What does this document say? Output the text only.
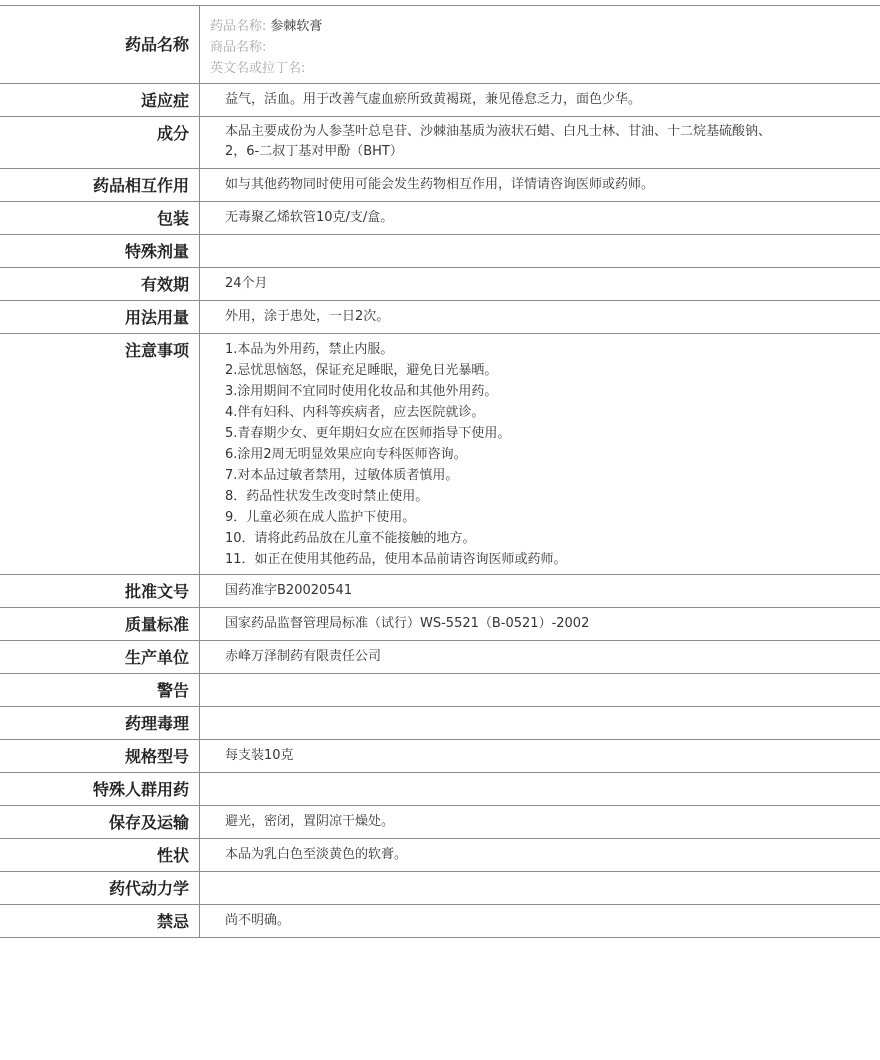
药品名称
药品名称: 参棘软膏
商品名称:
英文名或拉丁名:
适应症	益气，活血。用于改善气虚血瘀所致黄褐斑，兼见倦怠乏力，面色少华。
成分	本品主要成份为人参茎叶总皂苷、沙棘油基质为液状石蜡、白凡士林、甘油、十二烷基硫酸钠、2，6-二叔丁基对甲酚（BHT）
药品相互作用	如与其他药物同时使用可能会发生药物相互作用，详情请咨询医师或药师。
包装	无毒聚乙烯软管10克/支/盒。
特殊剂量
有效期	24个月
用法用量	外用，涂于患处，一日2次。
注意事项	1.本品为外用药，禁止内服。
2.忌忧思恼怒，保证充足睡眠，避免日光暴晒。
3.涂用期间不宜同时使用化妆品和其他外用药。
4.伴有妇科、内科等疾病者，应去医院就诊。
5.青春期少女、更年期妇女应在医师指导下使用。
6.涂用2周无明显效果应向专科医师咨询。
7.对本品过敏者禁用，过敏体质者慎用。
8．药品性状发生改变时禁止使用。
9．儿童必须在成人监护下使用。
10．请将此药品放在儿童不能接触的地方。
11．如正在使用其他药品，使用本品前请咨询医师或药师。
批准文号	国药准字B20020541
质量标准	国家药品监督管理局标准（试行）WS-5521（B-0521）-2002
生产单位	赤峰万泽制药有限责任公司
警告
药理毒理
规格型号	每支装10克
特殊人群用药
保存及运输	避光，密闭，置阴凉干燥处。
性状	本品为乳白色至淡黄色的软膏。
药代动力学
禁忌	尚不明确。
